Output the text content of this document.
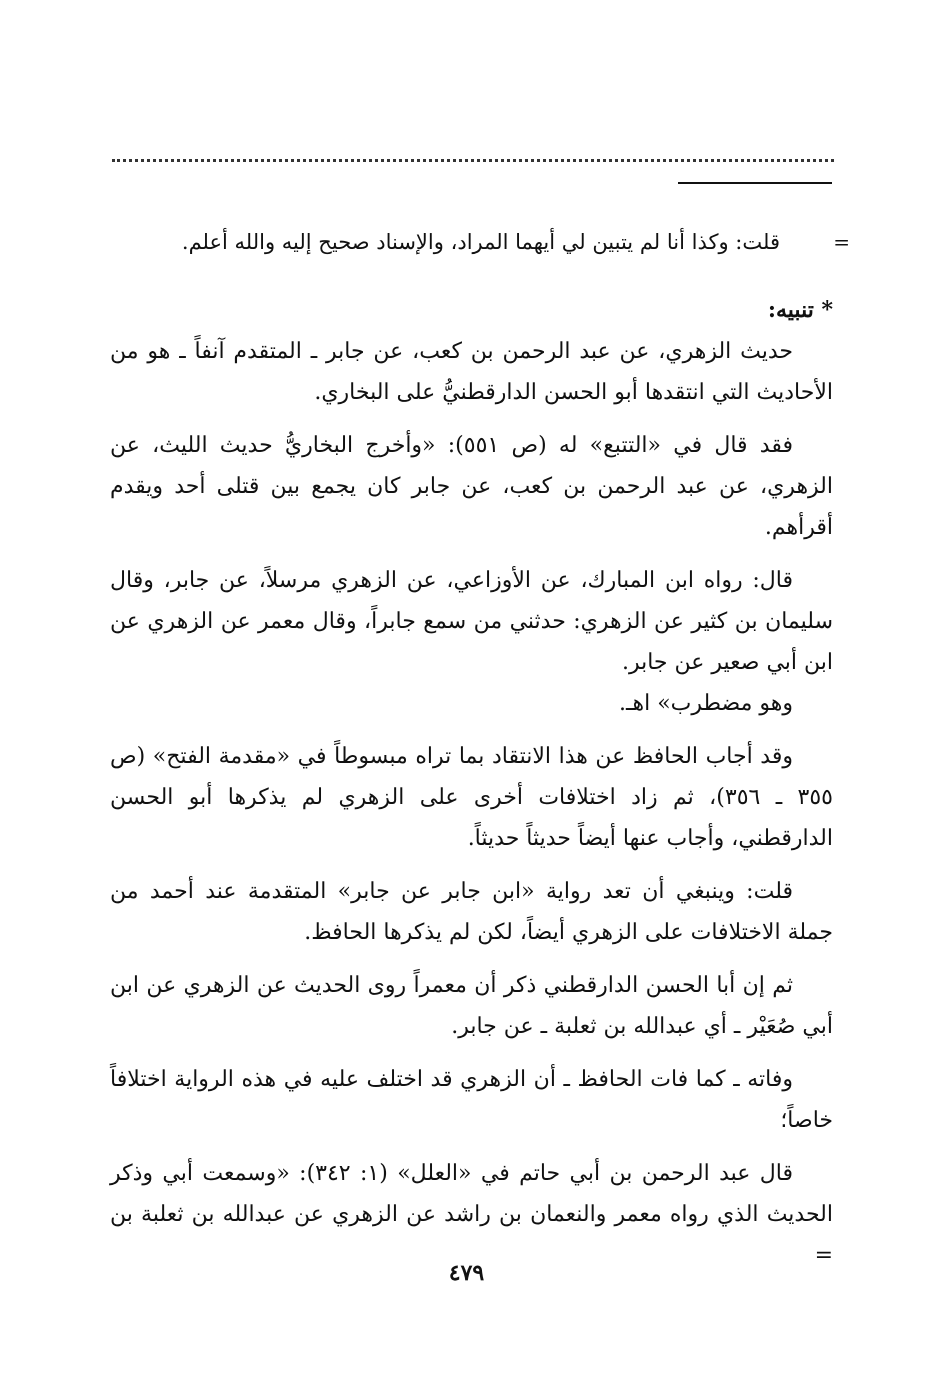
=
قلت: وكذا أنا لم يتبين لي أيهما المراد، والإسناد صحيح إليه والله أعلم.

* تنبيه:

حديث الزهري، عن عبد الرحمن بن كعب، عن جابر ـ المتقدم آنفاً ـ هو من الأحاديث التي انتقدها أبو الحسن الدارقطنيُّ على البخاري.

فقد قال في «التتبع» له (ص ٥٥١): «وأخرج البخاريُّ حديث الليث، عن الزهري، عن عبد الرحمن بن كعب، عن جابر كان يجمع بين قتلى أحد ويقدم أقرأهم.

قال: رواه ابن المبارك، عن الأوزاعي، عن الزهري مرسلاً، عن جابر، وقال سليمان بن كثير عن الزهري: حدثني من سمع جابراً، وقال معمر عن الزهري عن ابن أبي صعير عن جابر.

وهو مضطرب» اهـ.

وقد أجاب الحافظ عن هذا الانتقاد بما تراه مبسوطاً في «مقدمة الفتح» (ص ٣٥٥ ـ ٣٥٦)، ثم زاد اختلافات أخرى على الزهري لم يذكرها أبو الحسن الدارقطني، وأجاب عنها أيضاً حديثاً حديثاً.

قلت: وينبغي أن تعد رواية «ابن جابر عن جابر» المتقدمة عند أحمد من جملة الاختلافات على الزهري أيضاً، لكن لم يذكرها الحافظ.

ثم إن أبا الحسن الدارقطني ذكر أن معمراً روى الحديث عن الزهري عن ابن أبي صُعَيْر ـ أي عبدالله بن ثعلبة ـ عن جابر.

وفاته ـ كما فات الحافظ ـ أن الزهري قد اختلف عليه في هذه الرواية اختلافاً خاصاً؛

قال عبد الرحمن بن أبي حاتم في «العلل» (١: ٣٤٢): «وسمعت أبي وذكر الحديث الذي رواه معمر والنعمان بن راشد عن الزهري عن عبدالله بن ثعلبة بن =

٤٧٩
